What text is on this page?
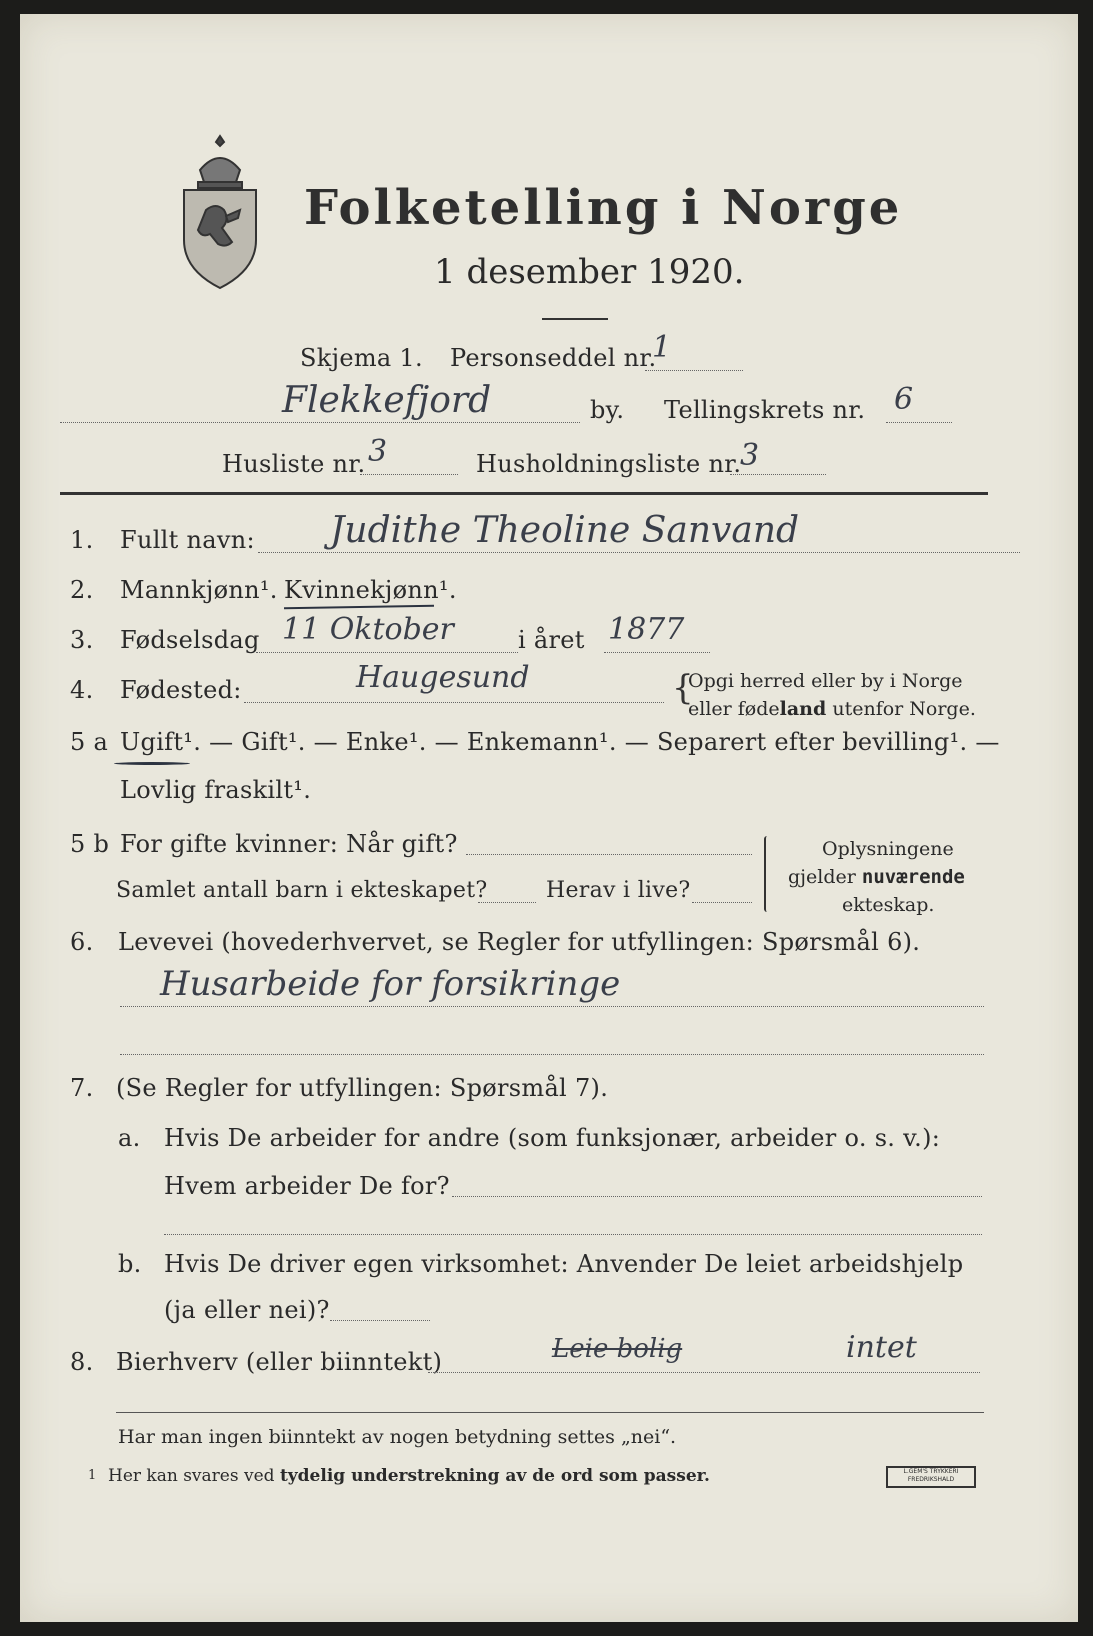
Folketelling i Norge
1 desember 1920.
Skjema 1. Personseddel nr.
1
Flekkefjord	by. Tellingskrets nr. 6
Husliste nr. 3	Husholdningsliste nr.
3
1. Fullt navn: Judithe Theoline Sanvand
2. Mannkjønn¹. Kvinnekjønn¹.
3. Fødselsdag 11 Oktober	i året 1877
4. Fødested:	Haugesund	{
Opgi herred eller by i Norge
eller fødeland utenfor Norge.
5 a Ugift¹. — Gift¹. — Enke¹. — Enkemann¹. — Separert efter bevilling¹. —
Lovlig fraskilt¹.
5 b For gifte kvinner: Når gift?
Samlet antall barn i ekteskapet?	Herav i live?
Oplysningene
gjelder nuværende
ekteskap.
6. Levevei (hovederhvervet, se Regler for utfyllingen: Spørsmål 6).
Husarbeide for forsikringe
7. (Se Regler for utfyllingen: Spørsmål 7).
a. Hvis De arbeider for andre (som funksjonær, arbeider o. s. v.):
Hvem arbeider De for?
b. Hvis De driver egen virksomhet: Anvender De leiet arbeidshjelp
(ja eller nei)?
8. Bierhverv (eller biinntekt)	Leie bolig	intet
Har man ingen biinntekt av nogen betydning settes „nei“.
1 Her kan svares ved tydelig understrekning av de ord som passer.	L.GEM'S TRYKKERI FREDRIKSHALD
